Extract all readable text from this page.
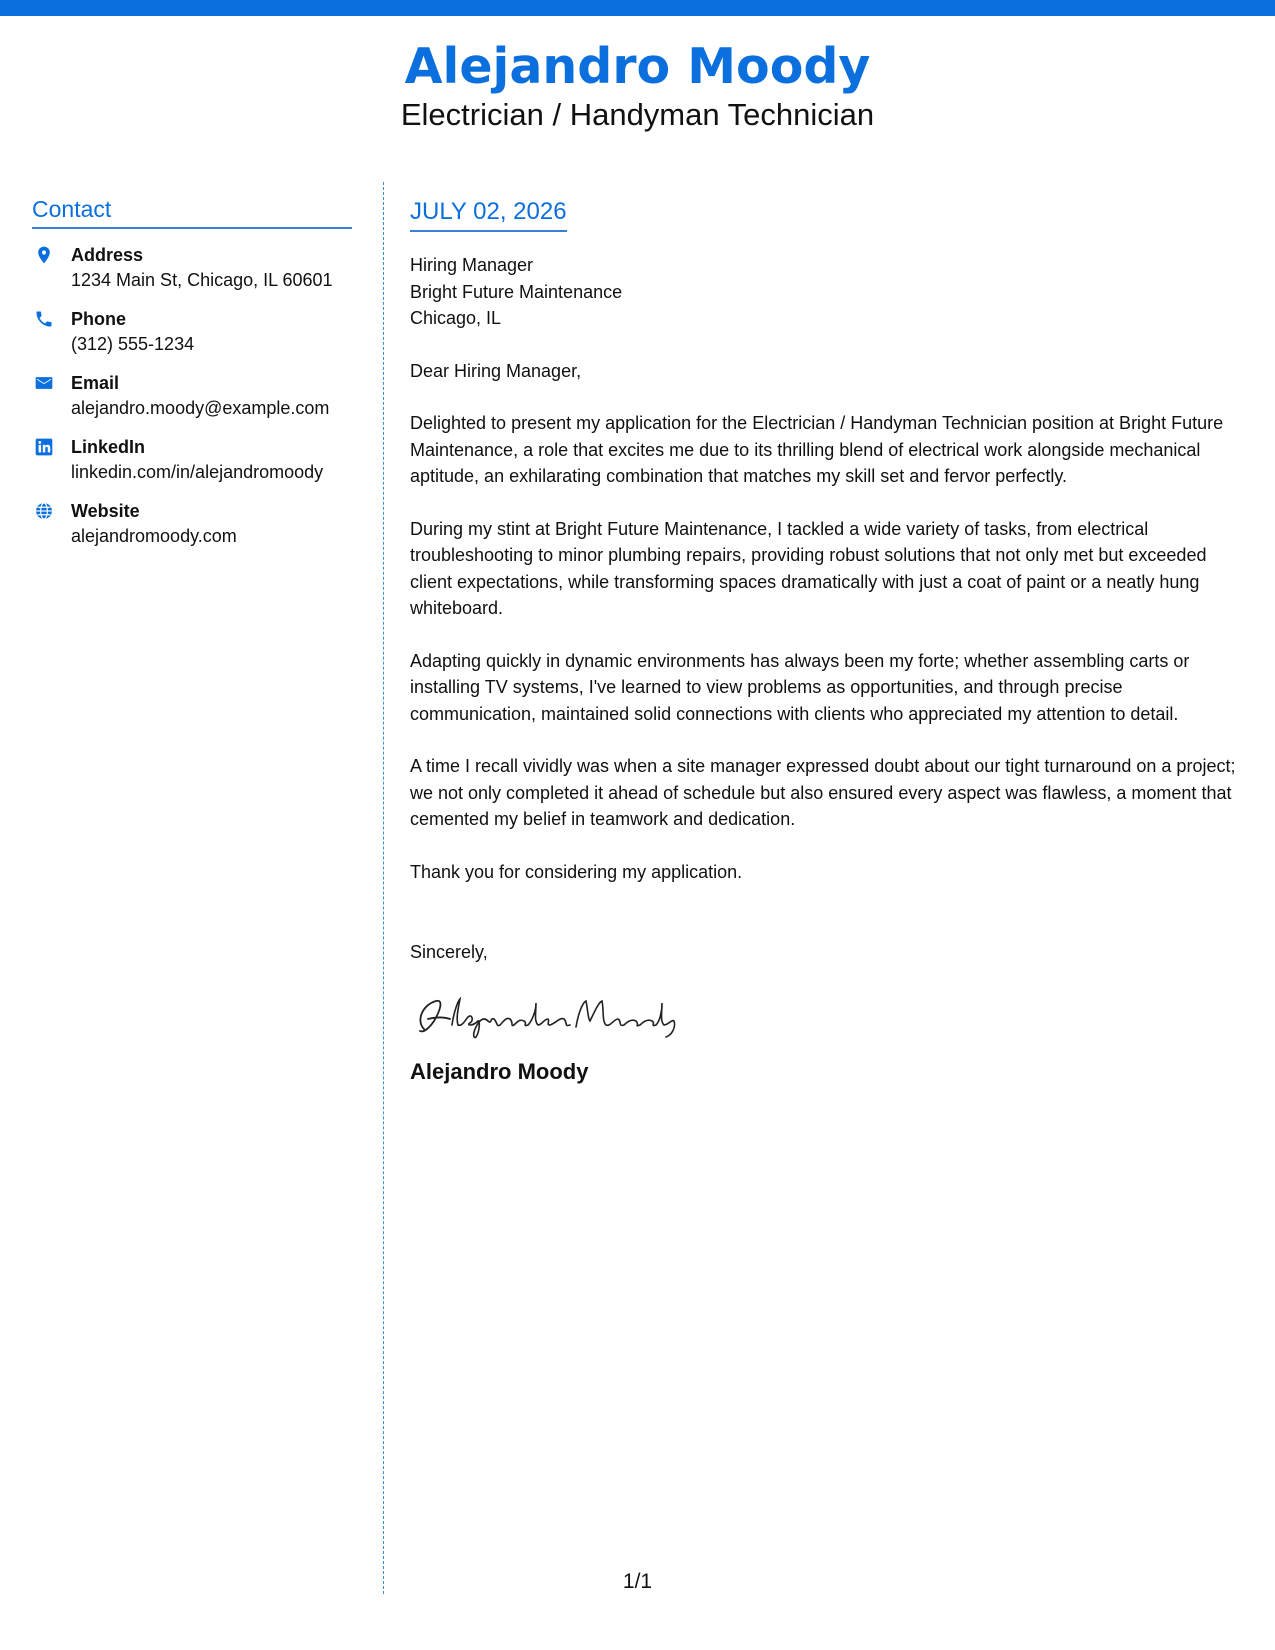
Alejandro Moody
Electrician / Handyman Technician
Contact
Address
1234 Main St, Chicago, IL 60601
Phone
(312) 555-1234
Email
alejandro.moody@example.com
LinkedIn
linkedin.com/in/alejandromoody
Website
alejandromoody.com
JULY 02, 2026
Hiring Manager
Bright Future Maintenance
Chicago, IL

Dear Hiring Manager,

Delighted to present my application for the Electrician / Handyman Technician position at Bright Future Maintenance, a role that excites me due to its thrilling blend of electrical work alongside mechanical aptitude, an exhilarating combination that matches my skill set and fervor perfectly.

During my stint at Bright Future Maintenance, I tackled a wide variety of tasks, from electrical troubleshooting to minor plumbing repairs, providing robust solutions that not only met but exceeded client expectations, while transforming spaces dramatically with just a coat of paint or a neatly hung whiteboard.

Adapting quickly in dynamic environments has always been my forte; whether assembling carts or installing TV systems, I've learned to view problems as opportunities, and through precise communication, maintained solid connections with clients who appreciated my attention to detail.

A time I recall vividly was when a site manager expressed doubt about our tight turnaround on a project; we not only completed it ahead of schedule but also ensured every aspect was flawless, a moment that cemented my belief in teamwork and dedication.

Thank you for considering my application.

Sincerely,
Alejandro Moody
1/1
